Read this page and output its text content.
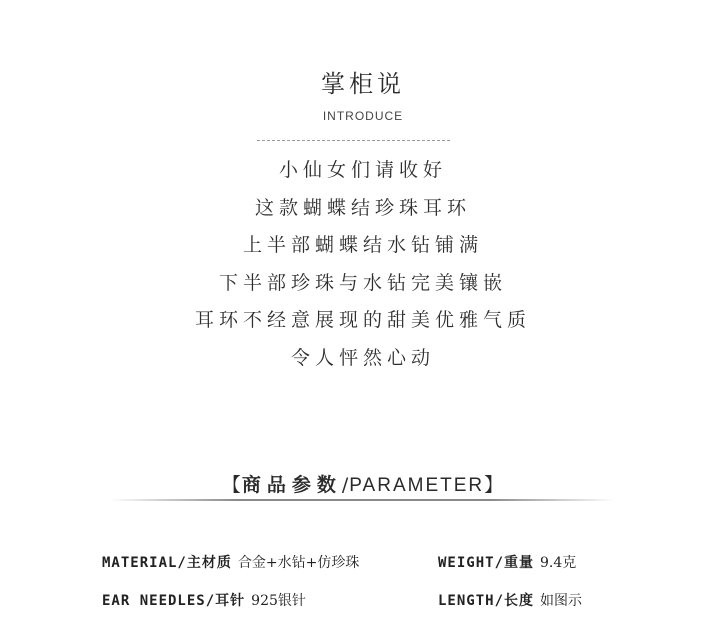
掌柜说
INTRODUCE
小仙女们请收好
这款蝴蝶结珍珠耳环
上半部蝴蝶结水钻铺满
下半部珍珠与水钻完美镶嵌
耳环不经意展现的甜美优雅气质
令人怦然心动
【商品参数/PARAMETER】
MATERIAL/主材质 合金+水钻+仿珍珠	WEIGHT/重量 9.4克
EAR NEEDLES/耳针 925银针	LENGTH/长度 如图示
